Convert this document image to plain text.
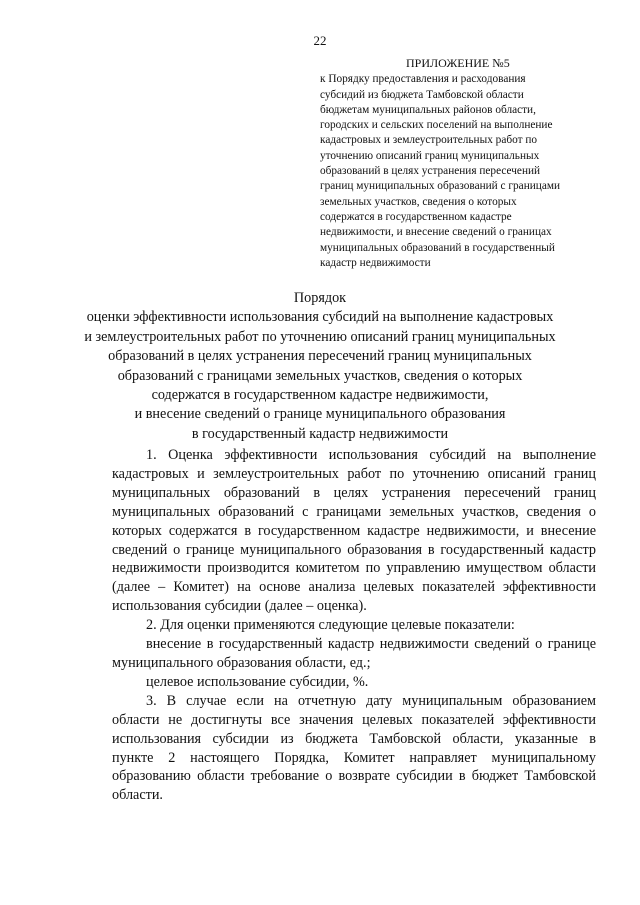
22
ПРИЛОЖЕНИЕ №5
к Порядку предоставления и расходования
субсидий из бюджета Тамбовской области
бюджетам муниципальных районов области,
городских и сельских поселений на выполнение
кадастровых и землеустроительных работ по
уточнению описаний границ муниципальных
образований в целях устранения пересечений
границ муниципальных образований с границами
земельных участков, сведения о которых
содержатся в государственном кадастре
недвижимости, и внесение сведений о границах
муниципальных образований в государственный
кадастр недвижимости
Порядок
оценки эффективности использования субсидий на выполнение кадастровых
и землеустроительных работ по уточнению описаний границ муниципальных
образований в целях устранения пересечений границ муниципальных
образований с границами земельных участков, сведения о которых
содержатся в государственном кадастре недвижимости,
и внесение сведений о границе муниципального образования
в государственный кадастр недвижимости

1. Оценка эффективности использования субсидий на выполнение
кадастровых и землеустроительных работ по уточнению описаний границ
муниципальных образований в целях устранения пересечений границ
муниципальных образований с границами земельных участков, сведения о
которых содержатся в государственном кадастре недвижимости, и внесение
сведений о границе муниципального образования в государственный кадастр
недвижимости производится комитетом по управлению имуществом области
(далее – Комитет) на основе анализа целевых показателей эффективности
использования субсидии (далее – оценка).

2. Для оценки применяются следующие целевые показатели:

внесение в государственный кадастр недвижимости сведений о границе
муниципального образования области, ед.;

целевое использование субсидии, %.

3. В случае если на отчетную дату муниципальным образованием
области не достигнуты все значения целевых показателей эффективности
использования субсидии из бюджета Тамбовской области, указанные в
пункте 2 настоящего Порядка, Комитет направляет муниципальному
образованию области требование о возврате субсидии в бюджет Тамбовской
области.
